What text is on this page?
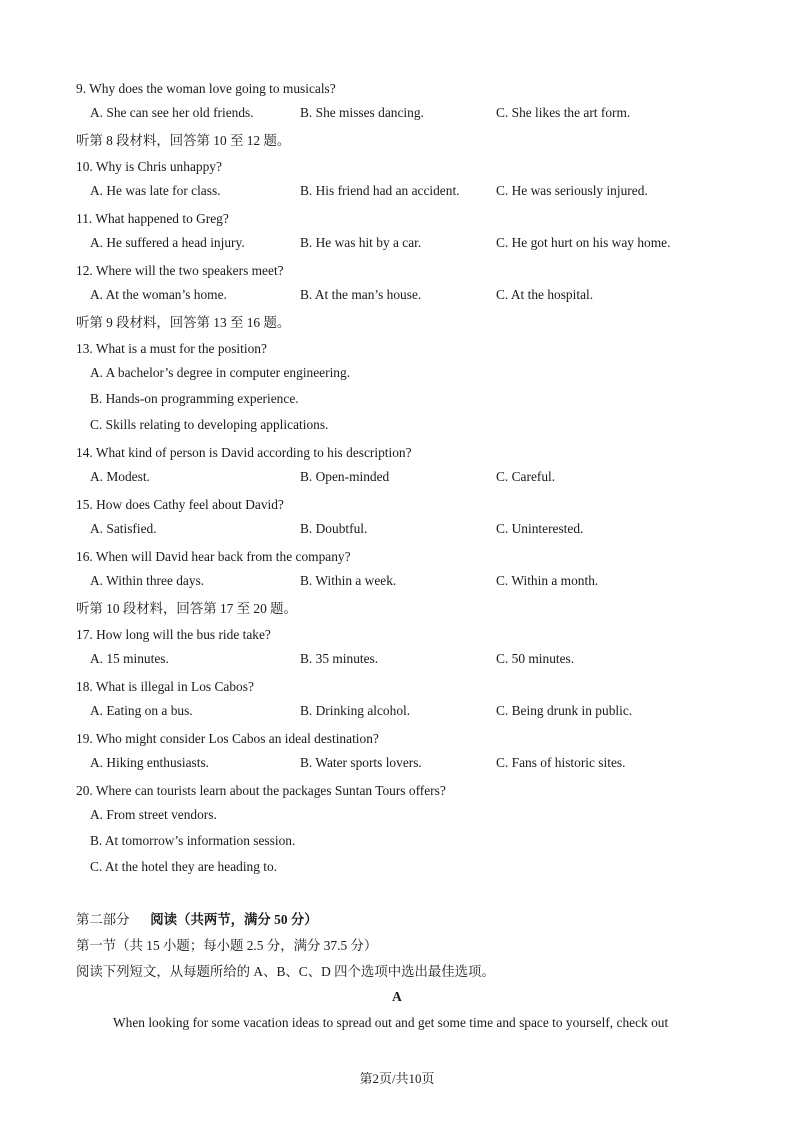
9. Why does the woman love going to musicals?
A. She can see her old friends.	B. She misses dancing.	C. She likes the art form.
听第 8 段材料，回答第 10 至 12 题。
10. Why is Chris unhappy?
A. He was late for class.	B. His friend had an accident.	C. He was seriously injured.
11. What happened to Greg?
A. He suffered a head injury.	B. He was hit by a car.	C. He got hurt on his way home.
12. Where will the two speakers meet?
A. At the woman’s home.	B. At the man’s house.	C. At the hospital.
听第 9 段材料，回答第 13 至 16 题。
13. What is a must for the position?
A. A bachelor’s degree in computer engineering.
B. Hands-on programming experience.
C. Skills relating to developing applications.
14. What kind of person is David according to his description?
A. Modest.	B. Open-minded	C. Careful.
15. How does Cathy feel about David?
A. Satisfied.	B. Doubtful.	C. Uninterested.
16. When will David hear back from the company?
A. Within three days.	B. Within a week.	C. Within a month.
听第 10 段材料，回答第 17 至 20 题。
17. How long will the bus ride take?
A. 15 minutes.	B. 35 minutes.	C. 50 minutes.
18. What is illegal in Los Cabos?
A. Eating on a bus.	B. Drinking alcohol.	C. Being drunk in public.
19. Who might consider Los Cabos an ideal destination?
A. Hiking enthusiasts.	B. Water sports lovers.	C. Fans of historic sites.
20. Where can tourists learn about the packages Suntan Tours offers?
A. From street vendors.
B. At tomorrow’s information session.
C. At the hotel they are heading to.
第二部分 阅读（共两节，满分 50 分）
第一节（共 15 小题；每小题 2.5 分，满分 37.5 分）
阅读下列短文，从每题所给的 A、B、C、D 四个选项中选出最佳选项。
A
When looking for some vacation ideas to spread out and get some time and space to yourself, check out
第2页/共10页
